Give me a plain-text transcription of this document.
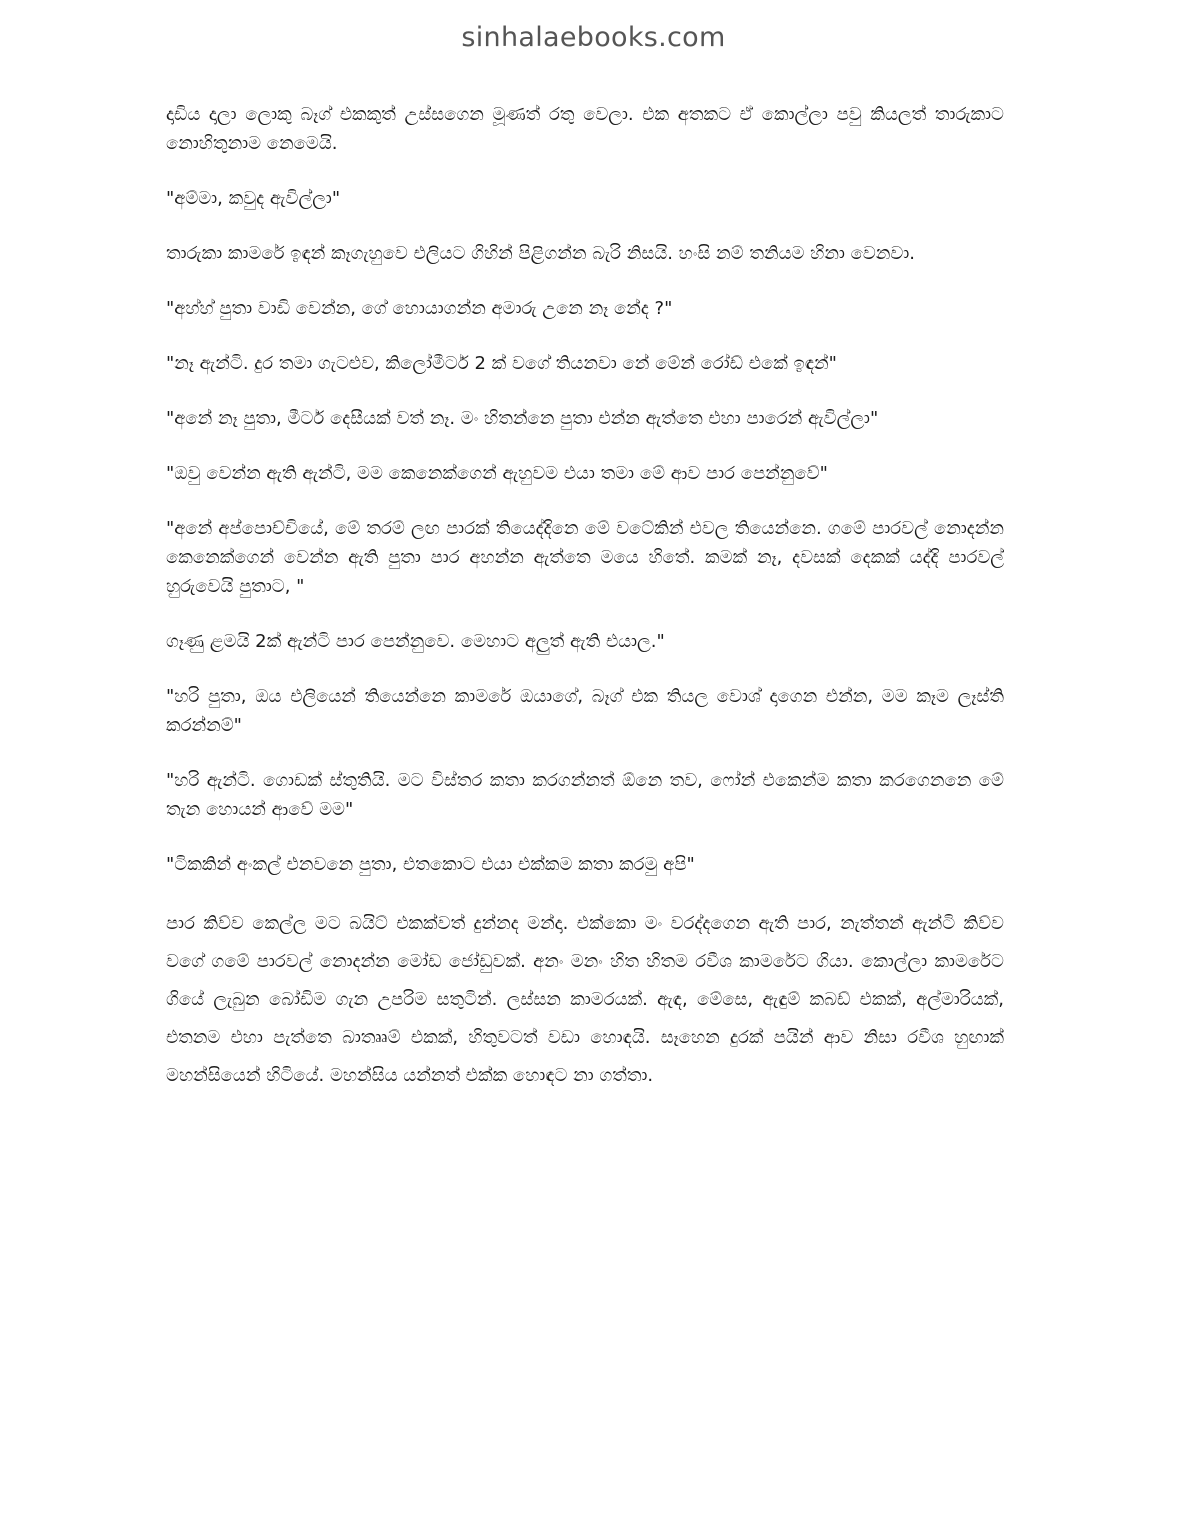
sinhalaebooks.com

දාඩිය දාලා ලොකු බෑග් එකකුත් උස්සගෙන මූණත් රතු වෙලා. එක අතකට ඒ කොල්ලා පවු කියලත් තාරුකාට නොහිතුනාම නෙමෙයි.

"අම්මා, කවුද ඇවිල්ලා"

තාරුකා කාමරේ ඉඳන් කෑගැහුවෙ එලියට ගිහින් පිළිගන්න බැරි නිසයි. හංසි නම් තනියම හිනා වෙනවා.

"අහ්හ් පුතා වාඩි වෙන්න, ගේ හොයාගන්න අමාරු උනෙ නෑ නේද ?"

"නෑ ඇන්ටි. දුර තමා ගැටළුව, කිලෝමීටර් 2 ක් වගේ තියනවා නේ මේන් රෝඩ් එකේ ඉඳන්"

"අනේ නෑ පුතා, මීටර් දෙසීයක් වත් නෑ. මං හිතන්නෙ පුතා එන්න ඇත්තෙ එහා පාරෙන් ඇවිල්ලා"

"ඔවු වෙන්න ඇති ඇන්ටි, මම කෙනෙක්ගෙන් ඇහුවම එයා තමා මේ ආව පාර පෙන්නුවේ"

"අනේ අප්පොච්චියේ, මේ තරම් ලඟ පාරක් තියෙද්දිනෙ මේ වටේකින් එවල තියෙන්නෙ. ගමේ පාරවල් නොදන්න කෙනෙක්ගෙන් වෙන්න ඇති පුතා පාර අහන්න ඇත්තෙ මයෙ හිතේ. කමක් නෑ, දවසක් දෙකක් යද්දි පාරවල් හුරුවෙයි පුතාට, "

ගෑණු ළමයි 2ක් ඇන්ටි පාර පෙන්නුවෙ. මෙහාට අලුත් ඇති එයාල."

"හරි පුතා, ඔය එලියෙන් තියෙන්නෙ කාමරේ ඔයාගේ, බෑග් එක තියල වොශ් දාගෙන එන්න, මම කෑම ලෑස්ති කරන්නම්"

"හරි ඇන්ටි. ගොඩක් ස්තුතියි. මට විස්තර කතා කරගන්නත් ඕනෙ තව, ෆෝන් එකෙන්ම කතා කරගෙනනෙ මේ තැන හොයන් ආවේ මම"

"ටිකකින් අංකල් එනවනෙ පුතා, එතකොට එයා එක්කම කතා කරමු අපි"

පාර කිව්ව කෙල්ල මට බයිට් එකක්වත් දුන්නද මන්දා. එක්කො මං වරද්දගෙන ඇති පාර, නැත්තන් ඇන්ටි කිව්ව වගේ ගමේ පාරවල් නොදන්න මෝඩ ජෝඩුවක්. අනං මනං හිත හිතම රවීශ කාමරේට ගියා. කොල්ලා කාමරේට ගියේ ලැබුන බෝඩිම ගැන උපරිම සතුටින්. ලස්සන කාමරයක්. ඇඳ, මේසෙ, ඇඳුම් කබඩ් එකක්, අල්මාරියක්, එතනම එහා පැත්තෙ බාත්‍රූම් එකක්, හිතුවටත් වඩා හොඳයි. සෑහෙන දුරක් පයින් ආව නිසා රවීශ හුඟාක් මහන්සියෙන් හිටියේ. මහන්සිය යන්නත් එක්ක හොඳට නා ගත්තා.
